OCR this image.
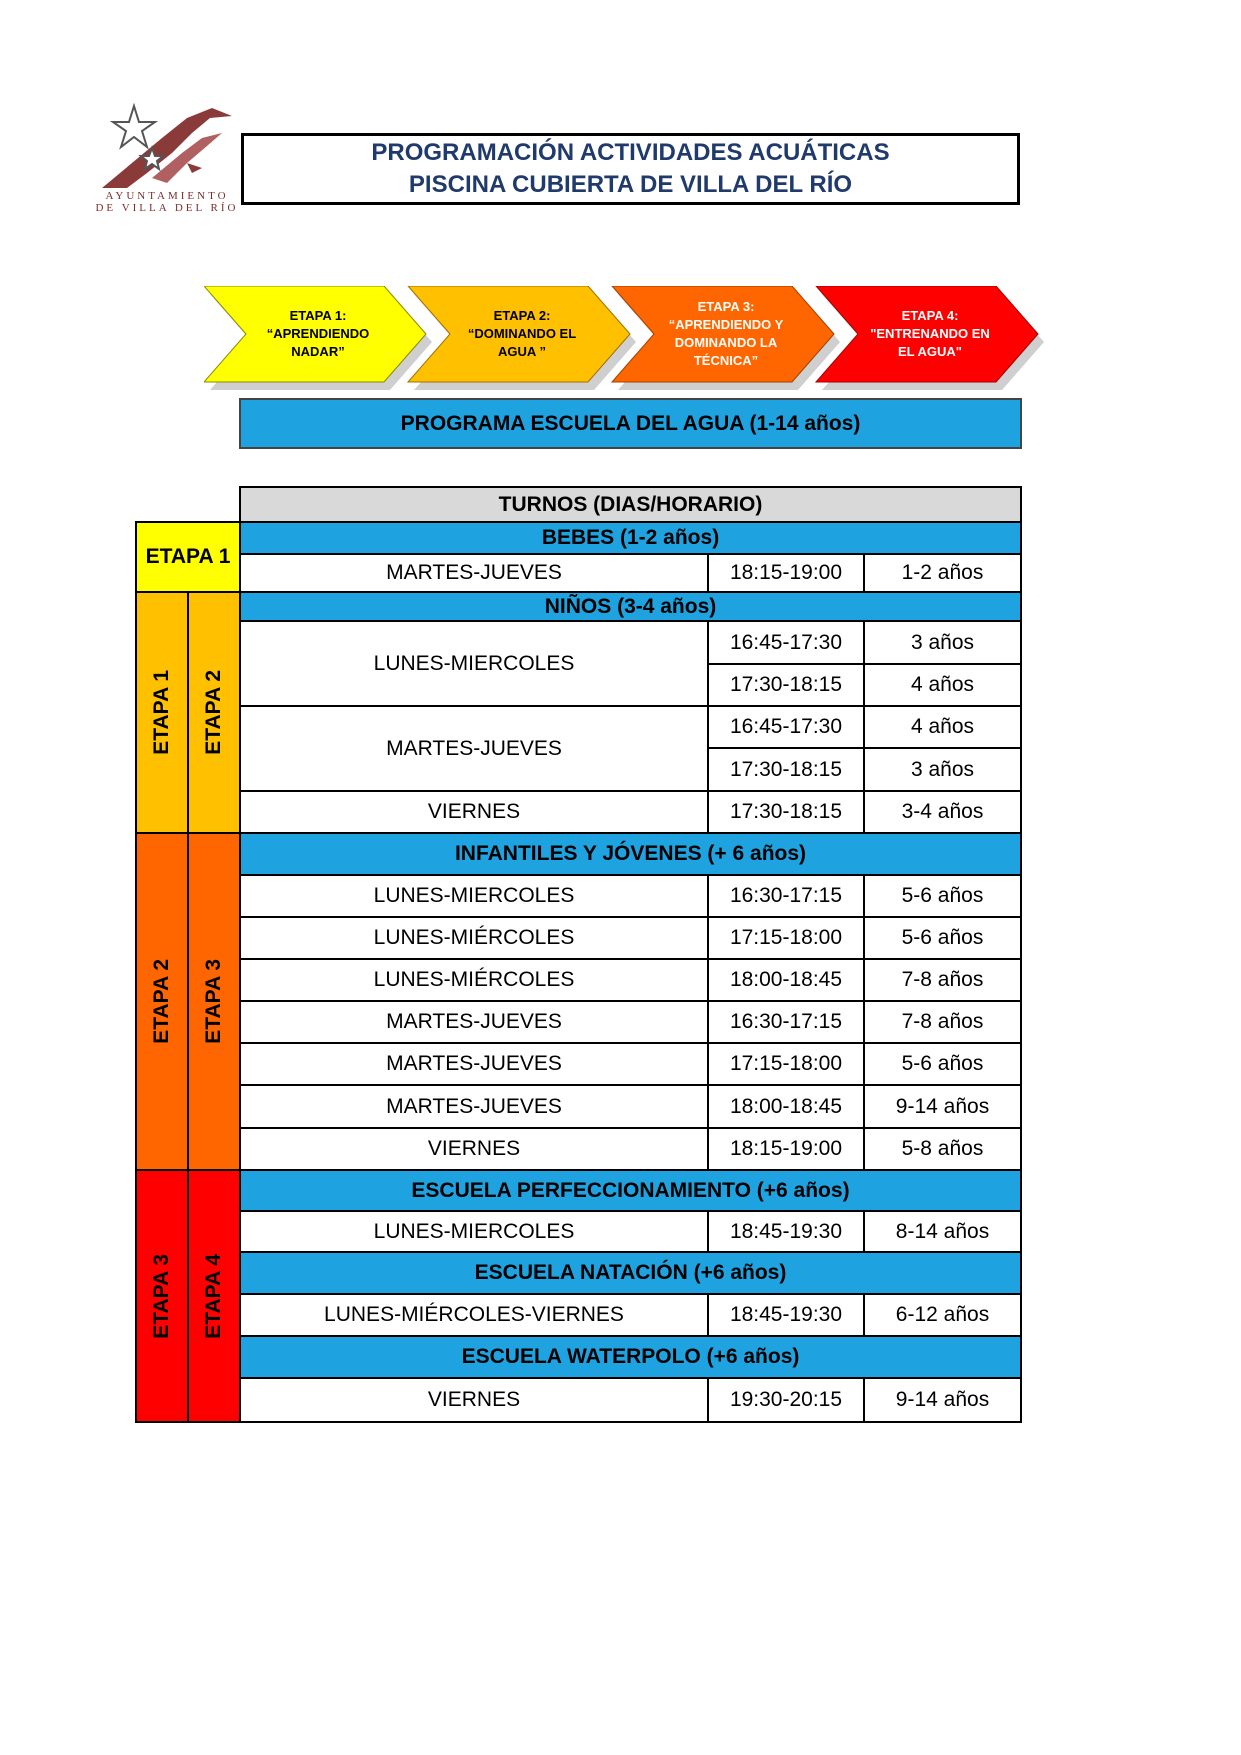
AYUNTAMIENTO
DE VILLA DEL RÍO
PROGRAMACIÓN ACTIVIDADES ACUÁTICAS
PISCINA CUBIERTA DE VILLA DEL RÍO
ETAPA 1:
“APRENDIENDO
NADAR”
ETAPA 2:
“DOMINANDO EL
AGUA ”
ETAPA 3:
“APRENDIENDO Y
DOMINANDO LA
TÉCNICA”
ETAPA 4:
"ENTRENANDO EN
EL AGUA"
PROGRAMA ESCUELA DEL AGUA (1-14 años)
TURNOS (DIAS/HORARIO)
ETAPA 1
ETAPA 1 ETAPA 2
ETAPA 2 ETAPA 3
ETAPA 3 ETAPA 4
BEBES (1-2 años)
MARTES-JUEVES	18:15-19:00	1-2 años
NIÑOS (3-4 años)
LUNES-MIERCOLES
16:45-17:30	3 años
17:30-18:15	4 años
MARTES-JUEVES
16:45-17:30	4 años
17:30-18:15	3 años
VIERNES	17:30-18:15	3-4 años
INFANTILES Y JÓVENES (+ 6 años)
LUNES-MIERCOLES	16:30-17:15	5-6 años
LUNES-MIÉRCOLES	17:15-18:00	5-6 años
LUNES-MIÉRCOLES	18:00-18:45	7-8 años
MARTES-JUEVES	16:30-17:15	7-8 años
MARTES-JUEVES	17:15-18:00	5-6 años
MARTES-JUEVES	18:00-18:45	9-14 años
VIERNES	18:15-19:00	5-8 años
ESCUELA PERFECCIONAMIENTO (+6 años)
LUNES-MIERCOLES	18:45-19:30	8-14 años
ESCUELA NATACIÓN (+6 años)
LUNES-MIÉRCOLES-VIERNES	18:45-19:30	6-12 años
ESCUELA WATERPOLO (+6 años)
VIERNES	19:30-20:15	9-14 años
